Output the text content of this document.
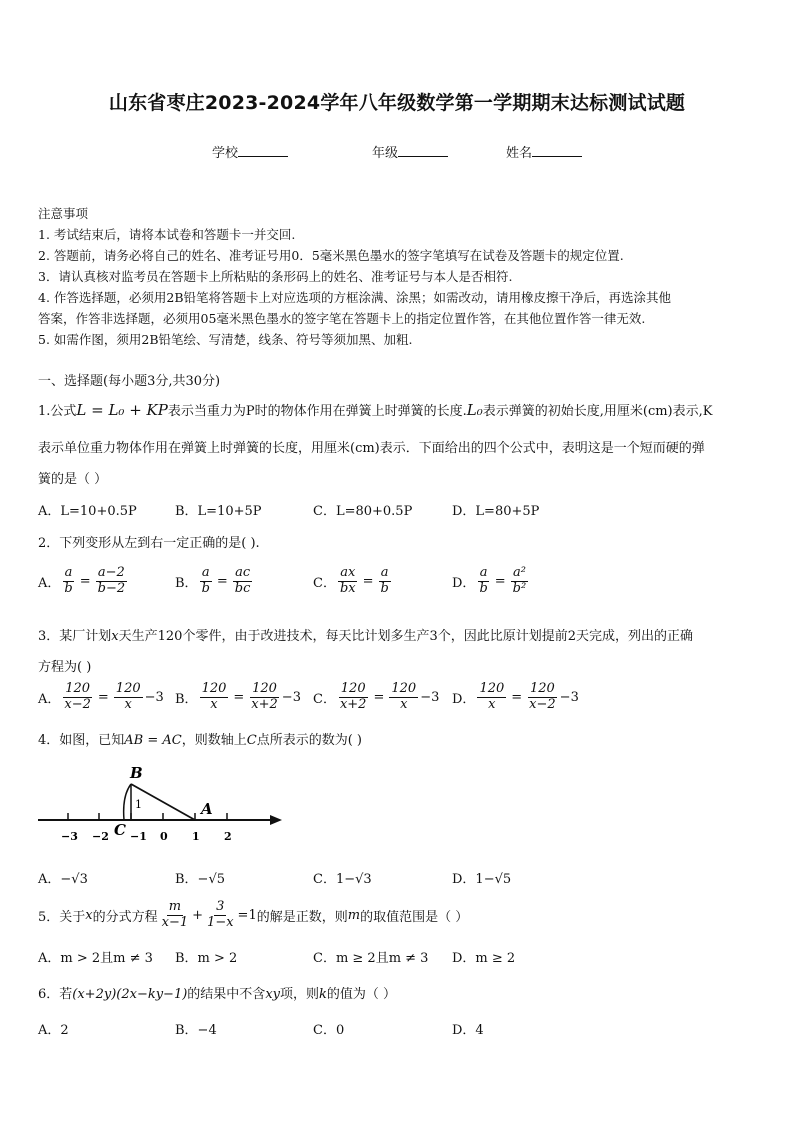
山东省枣庄2023-2024学年八年级数学第一学期期末达标测试试题
学校	年级	姓名
注意事项
1. 考试结束后，请将本试卷和答题卡一并交回.
2. 答题前，请务必将自己的姓名、准考证号用0．5毫米黑色墨水的签字笔填写在试卷及答题卡的规定位置.
3．请认真核对监考员在答题卡上所粘贴的条形码上的姓名、准考证号与本人是否相符.
4. 作答选择题，必须用2B铅笔将答题卡上对应选项的方框涂满、涂黑；如需改动，请用橡皮擦干净后，再选涂其他
答案，作答非选择题，必须用05毫米黑色墨水的签字笔在答题卡上的指定位置作答，在其他位置作答一律无效.
5. 如需作图，须用2B铅笔绘、写清楚，线条、符号等须加黑、加粗.
一、选择题(每小题3分,共30分)
1.公式L = L₀ + KP表示当重力为P时的物体作用在弹簧上时弹簧的长度.L₀表示弹簧的初始长度,用厘米(cm)表示,K
表示单位重力物体作用在弹簧上时弹簧的长度，用厘米(cm)表示．下面给出的四个公式中，表明这是一个短而硬的弹
簧的是（ ）
A．L=10+0.5P	B．L=10+5P	C．L=80+0.5P	D．L=80+5P
2．下列变形从左到右一定正确的是( ).
A． $\frac{a}{b} = \frac{a-2}{b-2}$	B． $\frac{a}{b} = \frac{ac}{bc}$	C． $\frac{ax}{bx} = \frac{a}{b}$	D． $\frac{a}{b} = \frac{\text{a²}}{\text{b²}}$
3．某厂计划x天生产120个零件，由于改进技术，每天比计划多生产3个，因此比原计划提前2天完成，列出的正确
方程为( )
A． $\frac{120}{x-2} = \frac{120}{x} -3$ B． $\frac{120}{x} = \frac{120}{x+2} -3$ C． $\frac{120}{x+2} = \frac{120}{x} -3$ D． $\frac{120}{x} = \frac{120}{x-2} -3$
4．如图，已知AB = AC，则数轴上C点所表示的数为( )
B
A
C
1
−3 −2 −1 0 1 2
A．−√3	B．−√5	C．1−√3	D．1−√5
5．关于 x 的分式方程 $\frac{m}{x-1} + \frac{3}{1-x} =1$ 的解是正数，则 m 的取值范围是（ ）
A．m > 2且m ≠ 3 B．m > 2	C．m ≥ 2且m ≠ 3 D．m ≥ 2
6．若(x+2y)(2x−ky−1)的结果中不含xy项，则k的值为（ ）
A．2	B．−4	C．0	D．4
